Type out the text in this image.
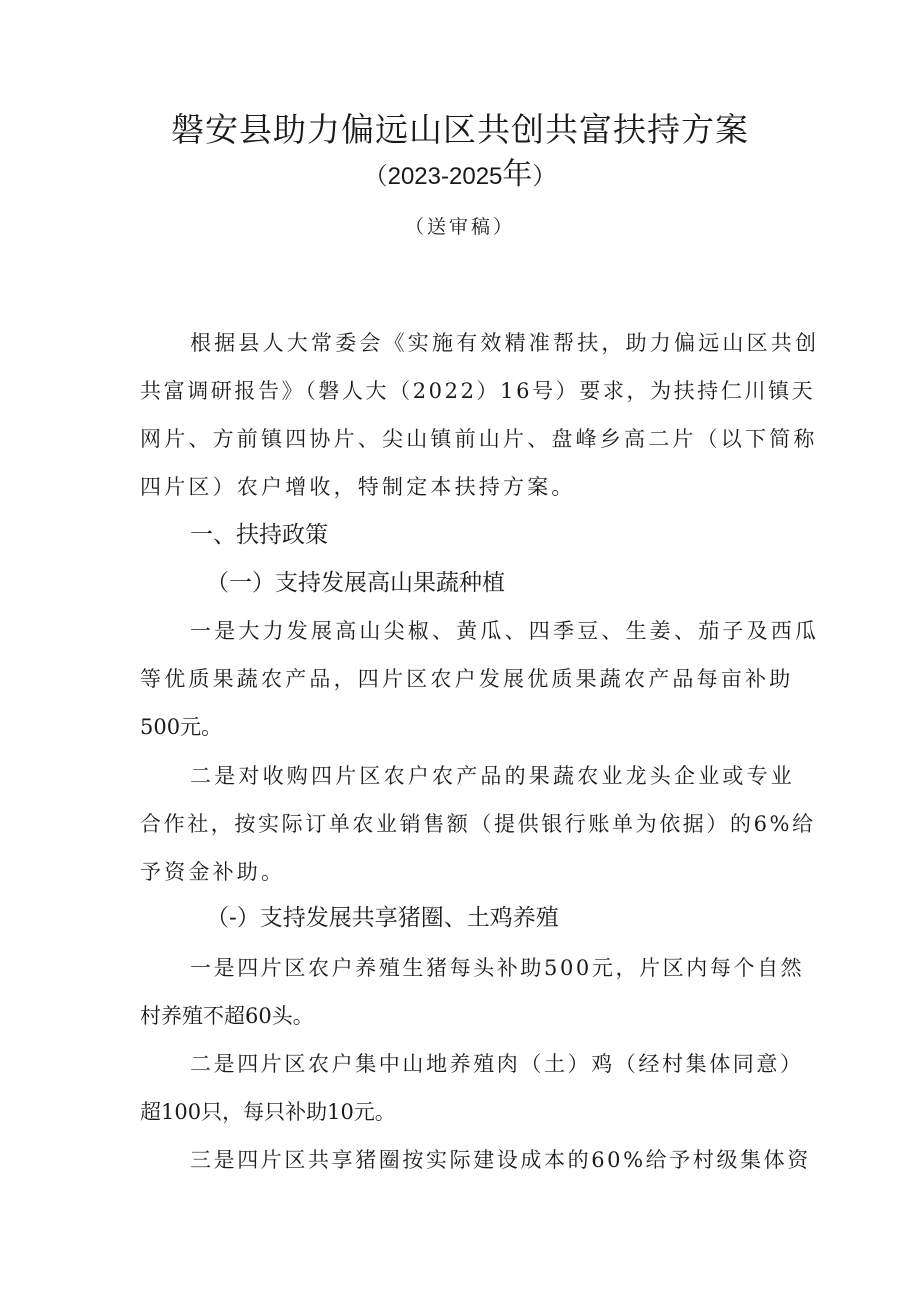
磐安县助力偏远山区共创共富扶持方案
（2023-2025年）
（送审稿）
根据县人大常委会《实施有效精准帮扶，助力偏远山区共创
共富调研报告》（磐人大（2022）16号）要求，为扶持仁川镇天
网片、方前镇四协片、尖山镇前山片、盘峰乡高二片（以下简称
四片区）农户增收，特制定本扶持方案。
一、扶持政策
（一）支持发展高山果蔬种植
一是大力发展高山尖椒、黄瓜、四季豆、生姜、茄子及西瓜
等优质果蔬农产品，四片区农户发展优质果蔬农产品每亩补助
500元。
二是对收购四片区农户农产品的果蔬农业龙头企业或专业
合作社，按实际订单农业销售额（提供银行账单为依据）的6%给
予资金补助。
（-）支持发展共享猪圈、土鸡养殖
一是四片区农户养殖生猪每头补助500元，片区内每个自然
村养殖不超60头。
二是四片区农户集中山地养殖肉（土）鸡（经村集体同意）
超100只，每只补助10元。
三是四片区共享猪圈按实际建设成本的60%给予村级集体资
